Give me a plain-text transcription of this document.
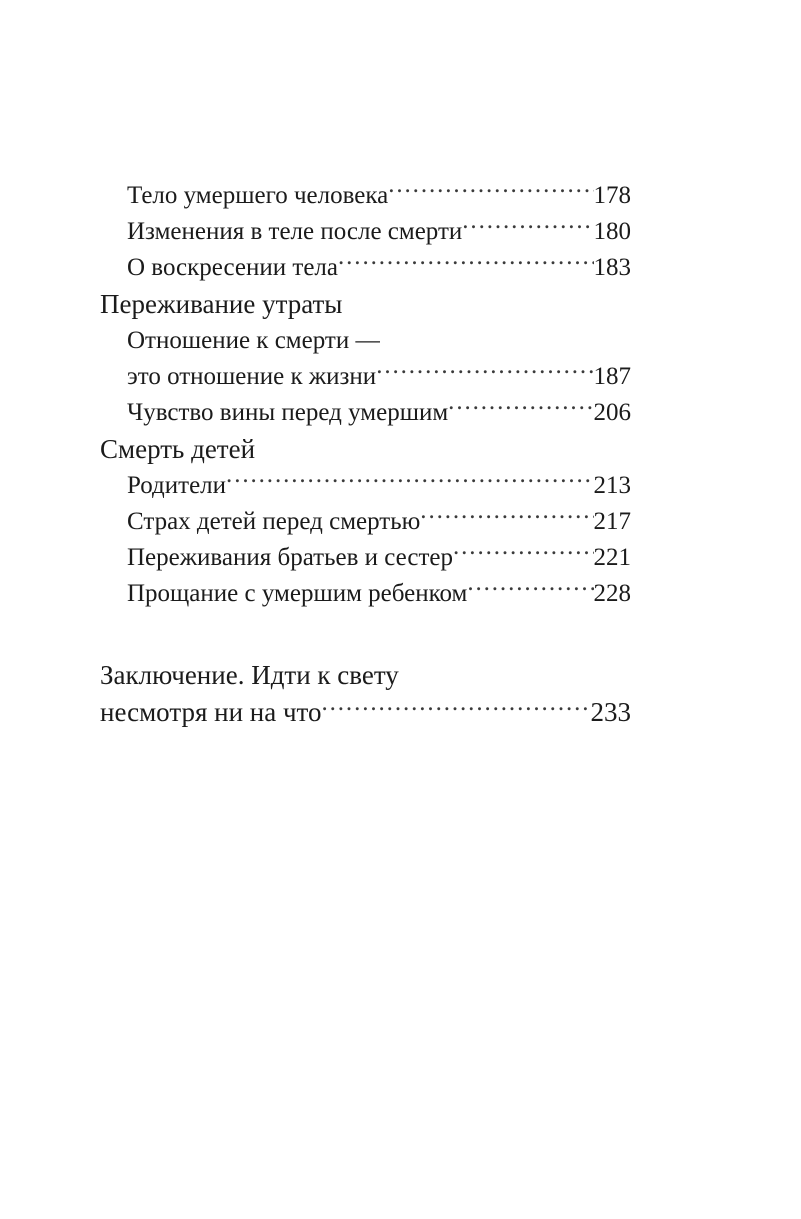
Тело умершего человека .....	178
Изменения в теле после смерти .....	180
О воскресении тела .....	183
Переживание утраты
Отношение к смерти —
это отношение к жизни .....	187
Чувство вины перед умершим .....	206
Смерть детей
Родители .....	213
Страх детей перед смертью .....	217
Переживания братьев и сестер .....	221
Прощание с умершим ребенком .....	228
Заключение. Идти к свету
несмотря ни на что .....	233
